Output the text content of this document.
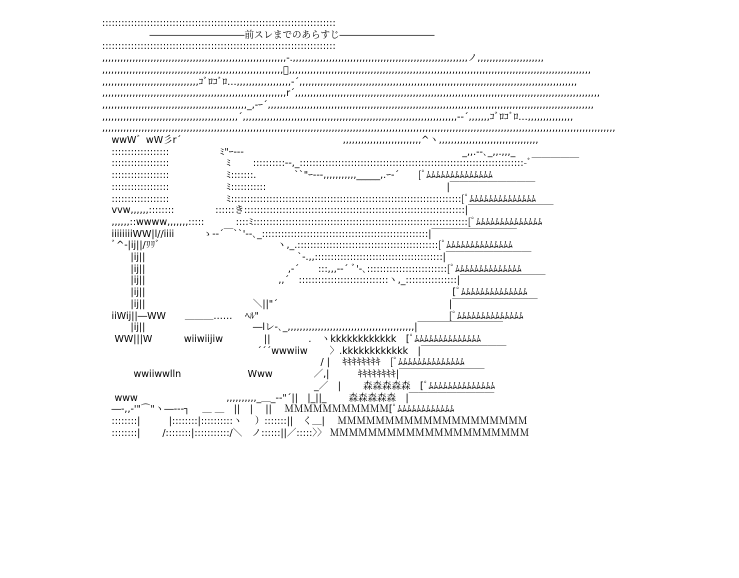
:::::::::::::::::::::::::::::::::::::::::::::::::::::::::::::::::::::::::
　　　　　――――――――――前スレまでのあらすじ――――――――――
:::::::::::::::::::::::::::::::::::::::::::::::::::::::::::::::::::::::::
,,,,,,,,,,,,,,,,,,,,,,,,,,,,,,,,,,,,,,,,,,,,,,,,,,,,,,,,,,,,,-.,,,,,,,,,,,,,,,,,,,,,,,,,,,,,,,,,,,,,,,,,,,,,,,,,,,,,,,,,,ノ,,,,,,,,,,,,,,,,,,,,,,
,,,,,,,,,,,,,,,,,,,,,,,,,,,,,,,,,,,,,,,,,,,,,,,,,,,,,,,,,,,,ﾞ,,,,,,,,,,,,,,,,,,,,,,,,,,,,,,,,,,,,,,,,,,,,,,,,,,,,,,,,,,,,,,,,,,,,,,,,,,,,,,,,,,,,,,,,,,,,,,,,,,,,
,,,,,,,,,,,,,,,,,,,,,,,,,,,,,,,,ｺﾞﾛｺﾞﾛ…,,,,,,,,,,,,,,,,,,-´,,,,,,,,,,,,,,,,,,,,,,,,,,,,,,,,,,,,,,,,,,,,,,,,,,,,,,,,,,,,,,,,,,,,,,,,,,,,,,,,,,,,,,,,,,,,
,,,,,,,,,,,,,,,,,,,,,,,,,,,,,,,,,,,,,,,,,,,,,,,,,,,,,,,,,,,,,r´,,,,,,,,,,,,,,,,,,,,,,,,,,,,,,,,,,,,,,,,,,,,,,,,,,,,,,,,,,,,,,,,,,,,,,,,,,,,,,,,,,,,,,,,,,,,,,,,,,,,,
,,,,,,,,,,,,,,,,,,,,,,,,,,,,,,,,,,,,,,,,,,,,,,,,_,-ｰ´,,,,,,,,,,,,,,,,,,,,,,,,,,,,,,,,,,,,,,,,,,,,,,,,,,,,,,,,,,,,,,,,,,,,,,,,,,,,,,,,,,,,,,,,,,,,,,,,,,,,,,,,,,,,
,,,,,,,,,,,,,,,,,,,,,,,,,,,,,,,,,,,,,,,,,,,,,´,,,,,,,,,,,,,,,,,,,,,,,,,,,,,,,,,,,,,,,,,,,,,,,,,,,,,,,,,,,,,,,,,,,,,,,-‐´,,,,,,,ｺﾞﾛｺﾞﾛ…,,,,,,,,,,,,,,,
,,,,,,,,,,,,,,,,,,,,,,,,,,,,,,,,,,,,,,,,,,,,,,,,,,,,,,,,,,,,,,,,,,,,,,,,,,,,,,,,,,,,,,,,,,,,,,,,,,,,,,,,,,,,,,,,,,,,,,,,,,,,,,,,,,,,,,,,,,,,,,,,,,,,,,,,,,,,,,,,,,,,,,,,,,
　wwW゛wW彡r´　　　　　　　　　　　　　　　　　,,,,,,,,,,,,,,,,,,,,,,,,,,^ヽ,,,,,,,,,,,,,,,,,,,,,,,,,,,,,,,,,
　::::::::::::::::::　　　　　 ﾐ"ｰ---　　　　　　　　　　　　　　　　　　　　　　　_,,.--､_,,.,,,_
　::::::::::::::::::　　　　　　ﾐ　　 ::::::::::‐-,_::::::::::::::::::::::::::::::::::::::::::::::::::::::::::::::::::::::-ﾞ￣￣￣￣￣
　::::::::::::::::::　　　　　　ﾐ:::::::.　　　　``"ｰ---,,,,,,,,,,,_____,.ｰ-´　　[ﾟﾑﾑﾑﾑﾑﾑﾑﾑﾑﾑﾑﾑﾑﾑ
　::::::::::::::::::　　　　　　ﾐ:::::::::::　　　　　　　　　　　　　　　　　　　|￣￣￣￣￣￣￣￣￣
　::::::::::::::::::　　　　　　ﾐ::::::::::::::::::::::::::::::::::::::::::::::::::::::::::::::::::::::::[ﾟﾑﾑﾑﾑﾑﾑﾑﾑﾑﾑﾑﾑﾑﾑ
　vvw,,,,,,::::::::　　　　 ::::::き:::::::::::::::::::::::::::::::::::::::::::::::::::::::::::::::::::::|￣￣￣￣￣￣￣￣￣
　,,,,,,::wwww,,,,,,,:::::　　　 ::::ﾐ:::::::::::::::::::::::::::::::::::::::::::::::::::::::::::::::::::[ﾟﾑﾑﾑﾑﾑﾑﾑﾑﾑﾑﾑﾑﾑﾑ
　iiiiiiiiWW|l//iiii　　　ゝ-‐´￣``'‐-､_::::::::::::::::::::::::::::::::::::::::::::::::::::|￣￣￣￣￣￣￣￣￣
　ﾞ^-|ij||/ﾘﾘﾞ　　　　　　　　　　　　 ヽ,_.::::::::::::::::::::::::::::::::::::::::::::[ﾟﾑﾑﾑﾑﾑﾑﾑﾑﾑﾑﾑﾑﾑﾑ
　　　|ij||　　　　　　　　　　　　　　　　`-.,,::::::::::::::::::::::::::::::::::::::::|￣￣￣￣￣￣￣￣￣
　　　|ij||　　　　　　　　　　　　　　　,-´　　:::,,,-‐´ ﾞ'-､:::::::::::::::::::::::::[ﾟﾑﾑﾑﾑﾑﾑﾑﾑﾑﾑﾑﾑﾑﾑ
　　　|ij||　　　　　　　　　　　　　　,,´　::::::::::::::::::::::::::::ヽ,_::::::::::::::::|￣￣￣￣￣￣￣￣￣
　　　|ij||　　　　　　　　　　　　　　　　　　　　　　　　　　　　　　　　 [ﾟﾑﾑﾑﾑﾑﾑﾑﾑﾑﾑﾑﾑﾑﾑ
　　　|ij||　　　　　　　　　　　 ＼||"´　　　　　　　　　　　　　　　　　　|￣￣￣￣￣￣￣￣￣
　iiWij||―WW　　＿＿＿……　 ﾍﾙ"　　　　　　　　　　　　　　　　　　　　[ﾟﾑﾑﾑﾑﾑﾑﾑﾑﾑﾑﾑﾑﾑﾑ
　　　|ij||　　　　　　　　　　　 ―lレ-､_,,,,,,,,,,,,,,,,,,,,,,,,,,,,,,,,,,,,,,,,,,|￣￣￣￣￣￣￣￣￣
　 WW|||W　　　 wiiwiijiw　　　　 ||　　　　.　ヽkkkkkkkkkkkk　[ﾟﾑﾑﾑﾑﾑﾑﾑﾑﾑﾑﾑﾑﾑﾑ
　　　　　　　　　　　　　　　　 ´´´wwwiiw　　 〉.kkkkkkkkkkkk　|￣￣￣￣￣￣￣￣￣
　　　　　　　　　　　　　　　　　　　　　　　/ |　 ｷｷｷｷｷｷｷｷ　[ﾟﾑﾑﾑﾑﾑﾑﾑﾑﾑﾑﾑﾑﾑﾑ
　　　 wwiiwwlln　　　　　　　Www　　　　 ／,|　　　ｷｷｷｷｷｷｷｷ|￣￣￣￣￣￣￣￣￣
　　　　　　　　　　　　　　　　　　　　　　 _／　|　　 森森森森森　[ﾟﾑﾑﾑﾑﾑﾑﾑﾑﾑﾑﾑﾑﾑﾑ
　 www　　　　　　　　　 ,,,,,,,,,,_＿_-‐"´||　|_||_　　 森森森森森　|￣￣￣￣￣￣￣￣￣
　―‐,,‐'"⌒"ヽ―‐‐‐┐　 ＿ ＿　||　|　 ||　 ＭＭＭＭＭＭＭＭＭＭＭ[ﾟﾑﾑﾑﾑﾑﾑﾑﾑﾑﾑﾑﾑ
　::::::::|　　　|::::::::|::::::::::ヽ　 ）:::::::||　く＿|　 ＭＭＭＭＭＭＭＭＭＭＭＭＭＭＭＭＭＭＭＭ
　::::::::|　　 /::::::::|:::::::::::/＼　ノ::::::||／:::::〉〉 ＭＭＭＭＭＭＭＭＭＭＭＭＭＭＭＭＭＭＭＭＭ
